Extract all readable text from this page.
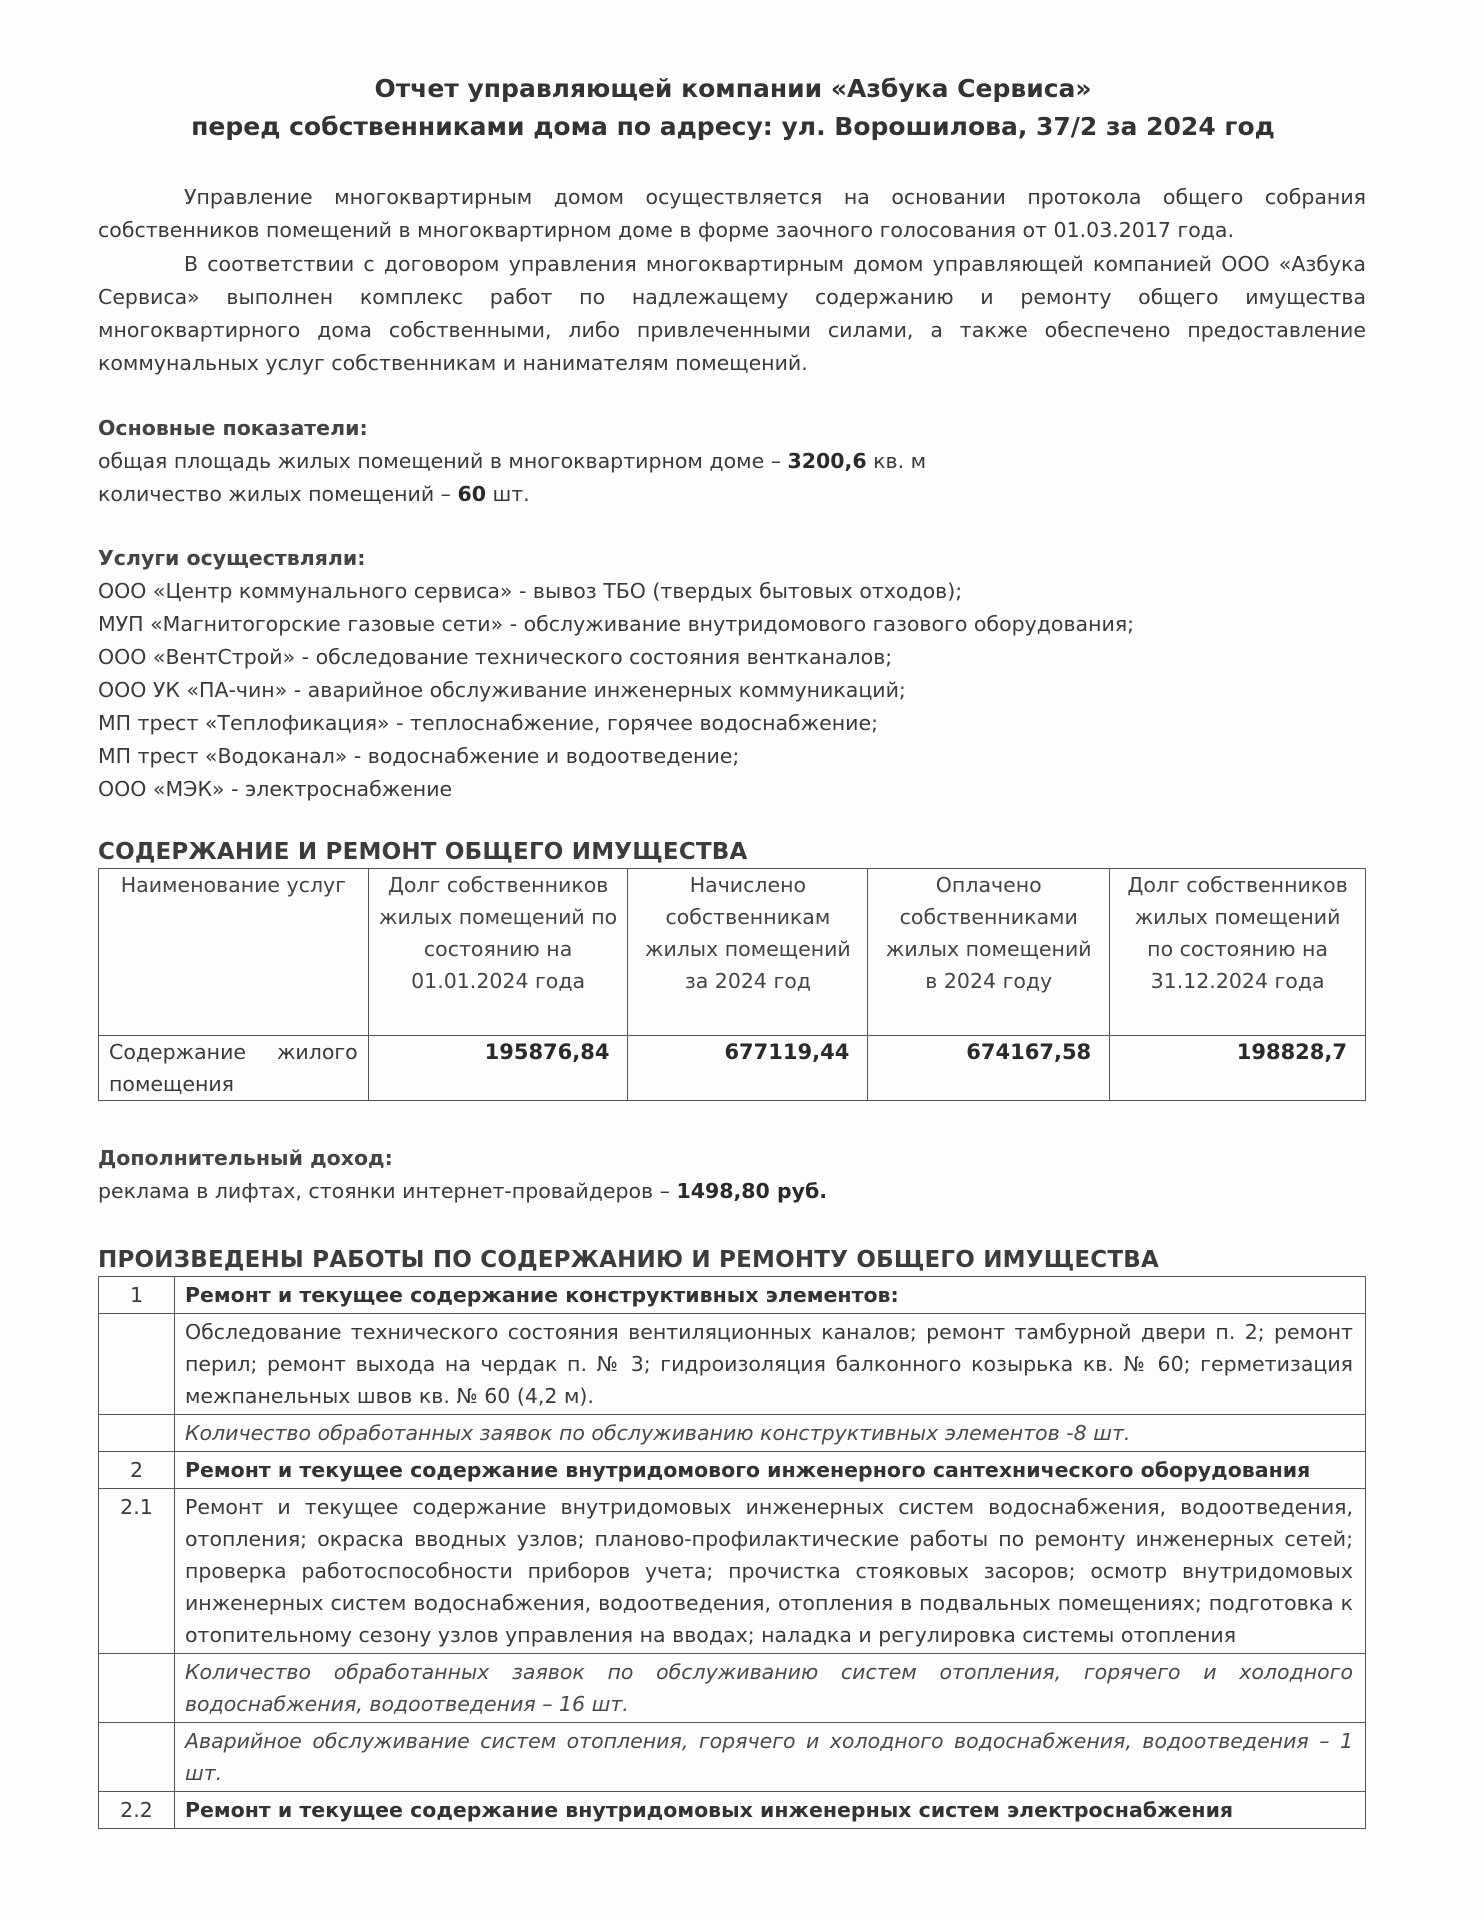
Отчет управляющей компании «Азбука Сервиса»
перед собственниками дома по адресу: ул. Ворошилова, 37/2 за 2024 год
Управление многоквартирным домом осуществляется на основании протокола общего собрания собственников помещений в многоквартирном доме в форме заочного голосования от 01.03.2017 года.
В соответствии с договором управления многоквартирным домом управляющей компанией ООО «Азбука Сервиса» выполнен комплекс работ по надлежащему содержанию и ремонту общего имущества многоквартирного дома собственными, либо привлеченными силами, а также обеспечено предоставление коммунальных услуг собственникам и нанимателям помещений.
Основные показатели:
общая площадь жилых помещений в многоквартирном доме – 3200,6 кв. м
количество жилых помещений – 60 шт.
Услуги осуществляли:
ООО «Центр коммунального сервиса» - вывоз ТБО (твердых бытовых отходов);
МУП «Магнитогорские газовые сети» - обслуживание внутридомового газового оборудования;
ООО «ВентСтрой» - обследование технического состояния вентканалов;
ООО УК «ПА-чин» - аварийное обслуживание инженерных коммуникаций;
МП трест «Теплофикация» - теплоснабжение, горячее водоснабжение;
МП трест «Водоканал» - водоснабжение и водоотведение;
ООО «МЭК» - электроснабжение
СОДЕРЖАНИЕ И РЕМОНТ ОБЩЕГО ИМУЩЕСТВА
Наименование услуг	Долг собственников жилых помещений по состоянию на 01.01.2024 года	Начислено собственникам жилых помещений за 2024 год	Оплачено собственниками жилых помещений в 2024 году	Долг собственников жилых помещений по состоянию на 31.12.2024 года
Содержание жилого помещения	195876,84	677119,44	674167,58	198828,7
Дополнительный доход:
реклама в лифтах, стоянки интернет-провайдеров – 1498,80 руб.
ПРОИЗВЕДЕНЫ РАБОТЫ ПО СОДЕРЖАНИЮ И РЕМОНТУ ОБЩЕГО ИМУЩЕСТВА
1	Ремонт и текущее содержание конструктивных элементов:
	Обследование технического состояния вентиляционных каналов; ремонт тамбурной двери п. 2; ремонт перил; ремонт выхода на чердак п. № 3; гидроизоляция балконного козырька кв. № 60; герметизация межпанельных швов кв. № 60 (4,2 м).
	Количество обработанных заявок по обслуживанию конструктивных элементов -8 шт.
2	Ремонт и текущее содержание внутридомового инженерного сантехнического оборудования
2.1	Ремонт и текущее содержание внутридомовых инженерных систем водоснабжения, водоотведения, отопления; окраска вводных узлов; планово-профилактические работы по ремонту инженерных сетей; проверка работоспособности приборов учета; прочистка стояковых засоров; осмотр внутридомовых инженерных систем водоснабжения, водоотведения, отопления в подвальных помещениях; подготовка к отопительному сезону узлов управления на вводах; наладка и регулировка системы отопления
	Количество обработанных заявок по обслуживанию систем отопления, горячего и холодного водоснабжения, водоотведения – 16 шт.
	Аварийное обслуживание систем отопления, горячего и холодного водоснабжения, водоотведения – 1 шт.
2.2	Ремонт и текущее содержание внутридомовых инженерных систем электроснабжения
